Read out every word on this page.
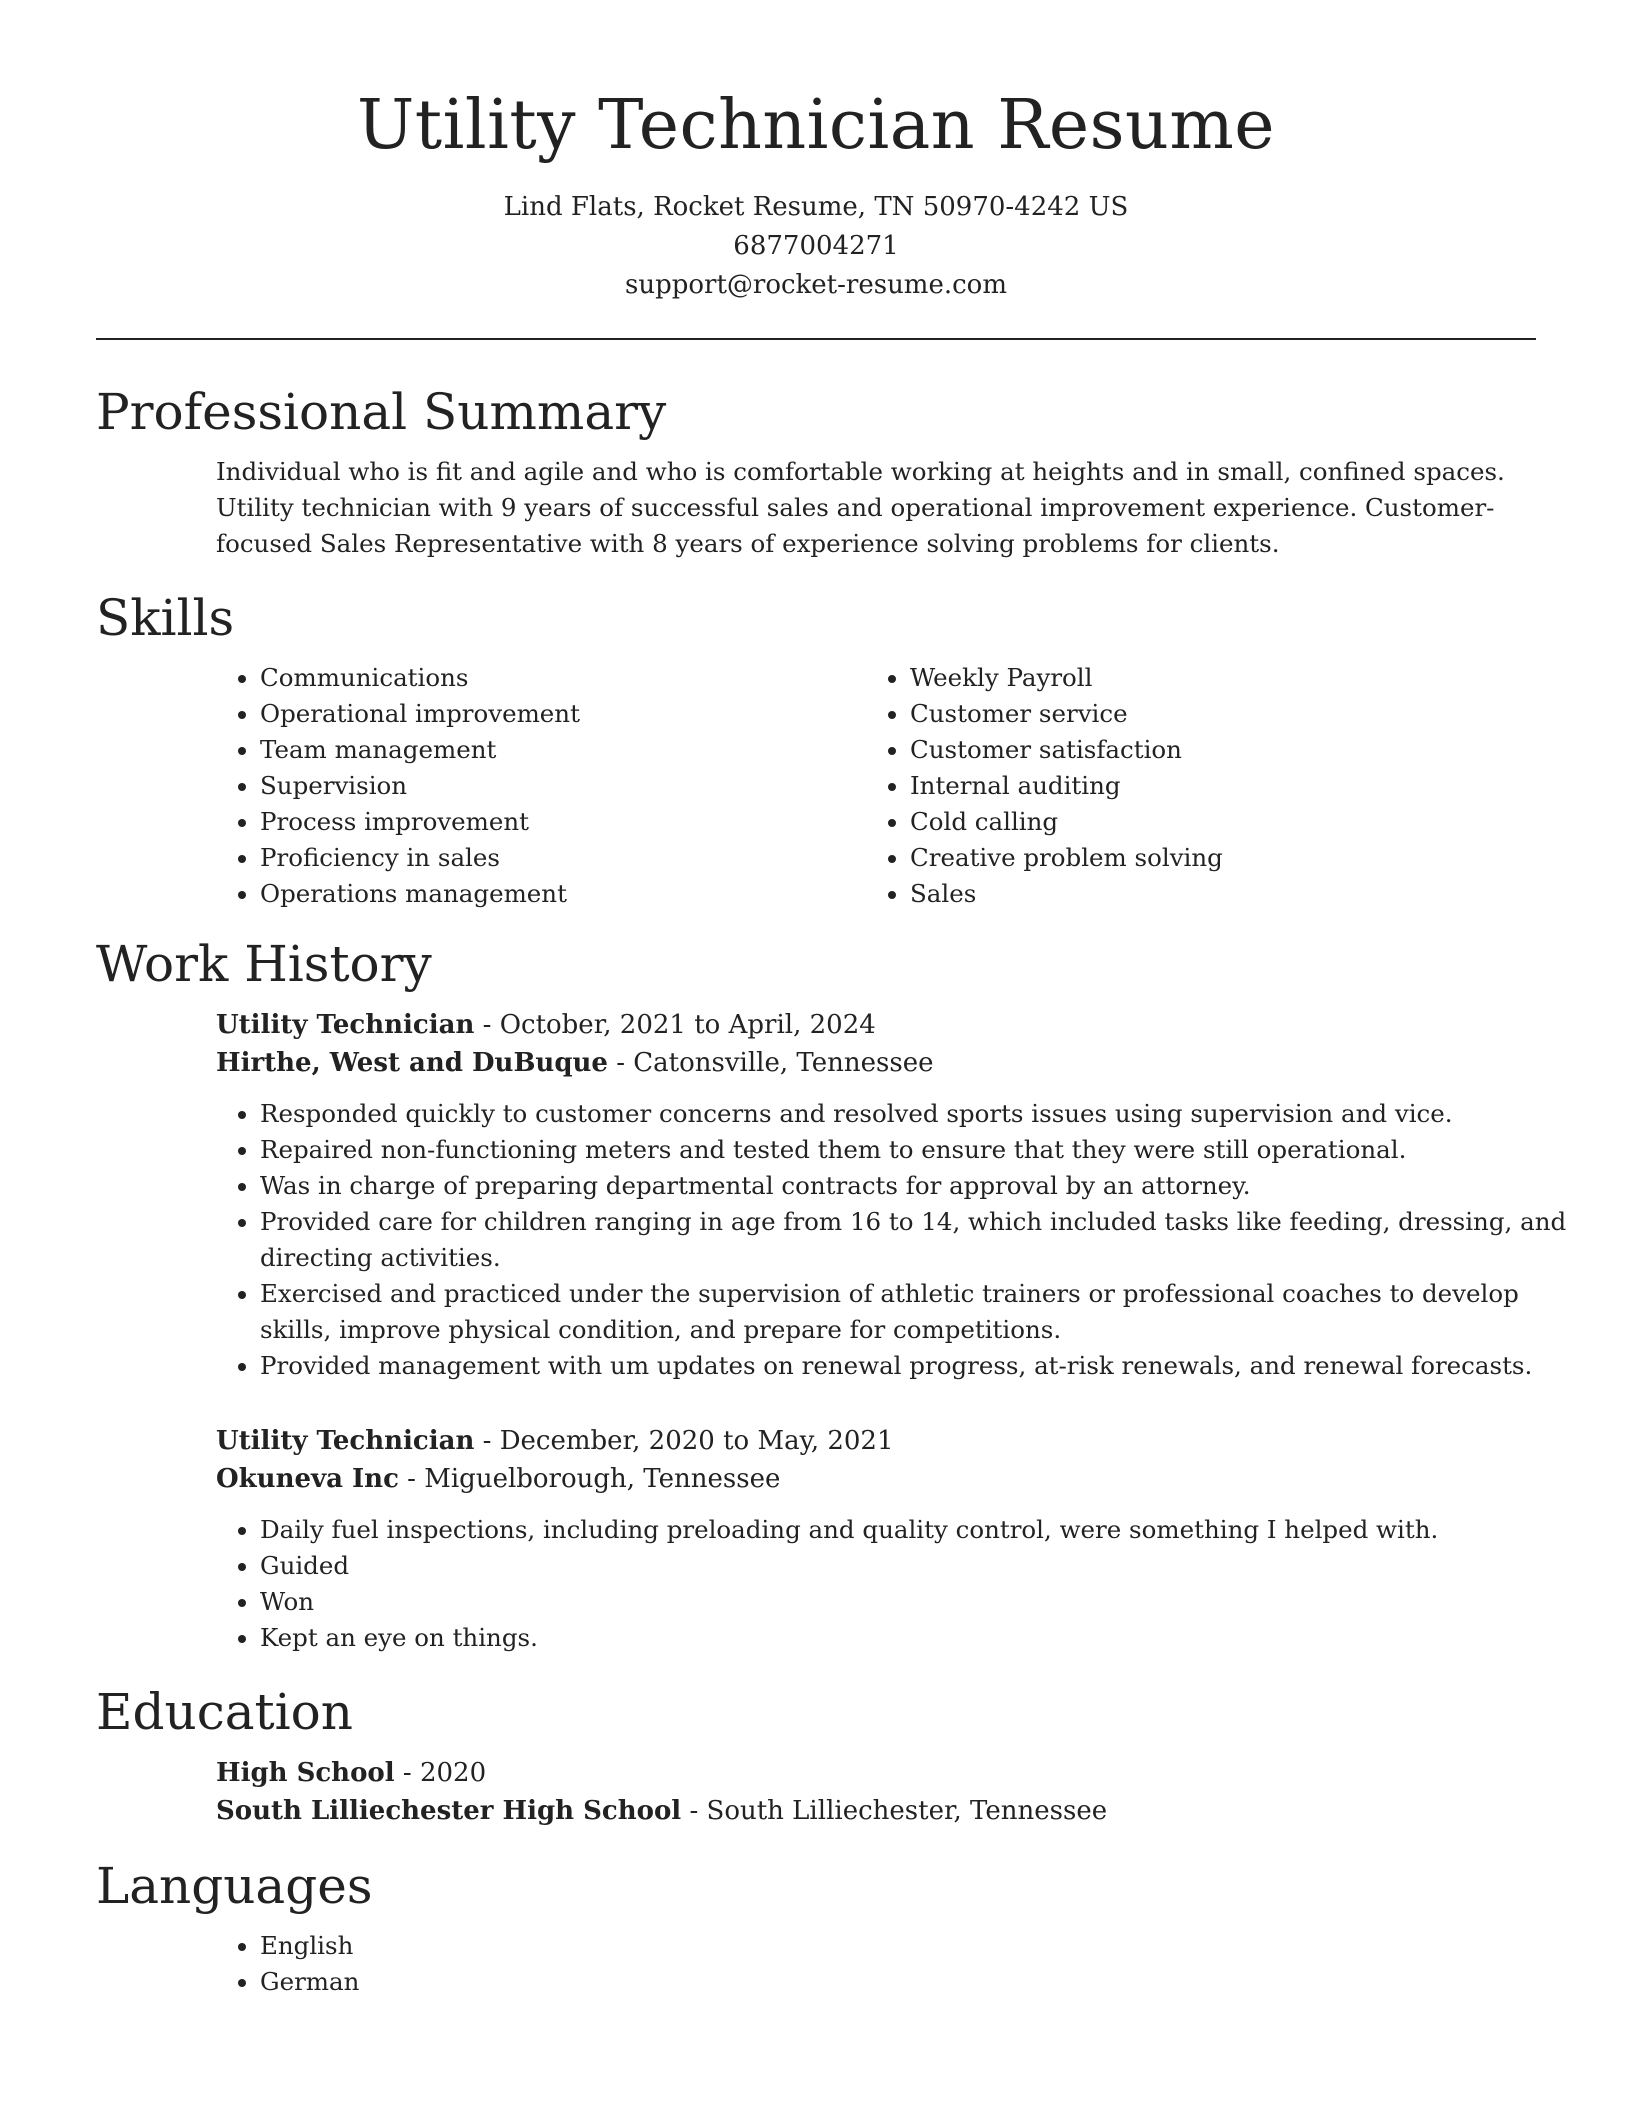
Utility Technician Resume

Lind Flats, Rocket Resume, TN 50970-4242 US

6877004271

support@rocket-resume.com

Professional Summary

Individual who is fit and agile and who is comfortable working at heights and in small, confined spaces. Utility technician with 9 years of successful sales and operational improvement experience. Customer-focused Sales Representative with 8 years of experience solving problems for clients.

Skills
• Communications
• Operational improvement
• Team management
• Supervision
• Process improvement
• Proficiency in sales
• Operations management
• Weekly Payroll
• Customer service
• Customer satisfaction
• Internal auditing
• Cold calling
• Creative problem solving
• Sales
Work History

Utility Technician - October, 2021 to April, 2024

Hirthe, West and DuBuque - Catonsville, Tennessee

• Responded quickly to customer concerns and resolved sports issues using supervision and vice.
• Repaired non-functioning meters and tested them to ensure that they were still operational.
• Was in charge of preparing departmental contracts for approval by an attorney.
• Provided care for children ranging in age from 16 to 14, which included tasks like feeding, dressing, and directing activities.
• Exercised and practiced under the supervision of athletic trainers or professional coaches to develop skills, improve physical condition, and prepare for competitions.
• Provided management with um updates on renewal progress, at-risk renewals, and renewal forecasts.

Utility Technician - December, 2020 to May, 2021

Okuneva Inc - Miguelborough, Tennessee

• Daily fuel inspections, including preloading and quality control, were something I helped with.
• Guided
• Won
• Kept an eye on things.
Education

High School - 2020

South Lilliechester High School - South Lilliechester, Tennessee

Languages
• English
• German
